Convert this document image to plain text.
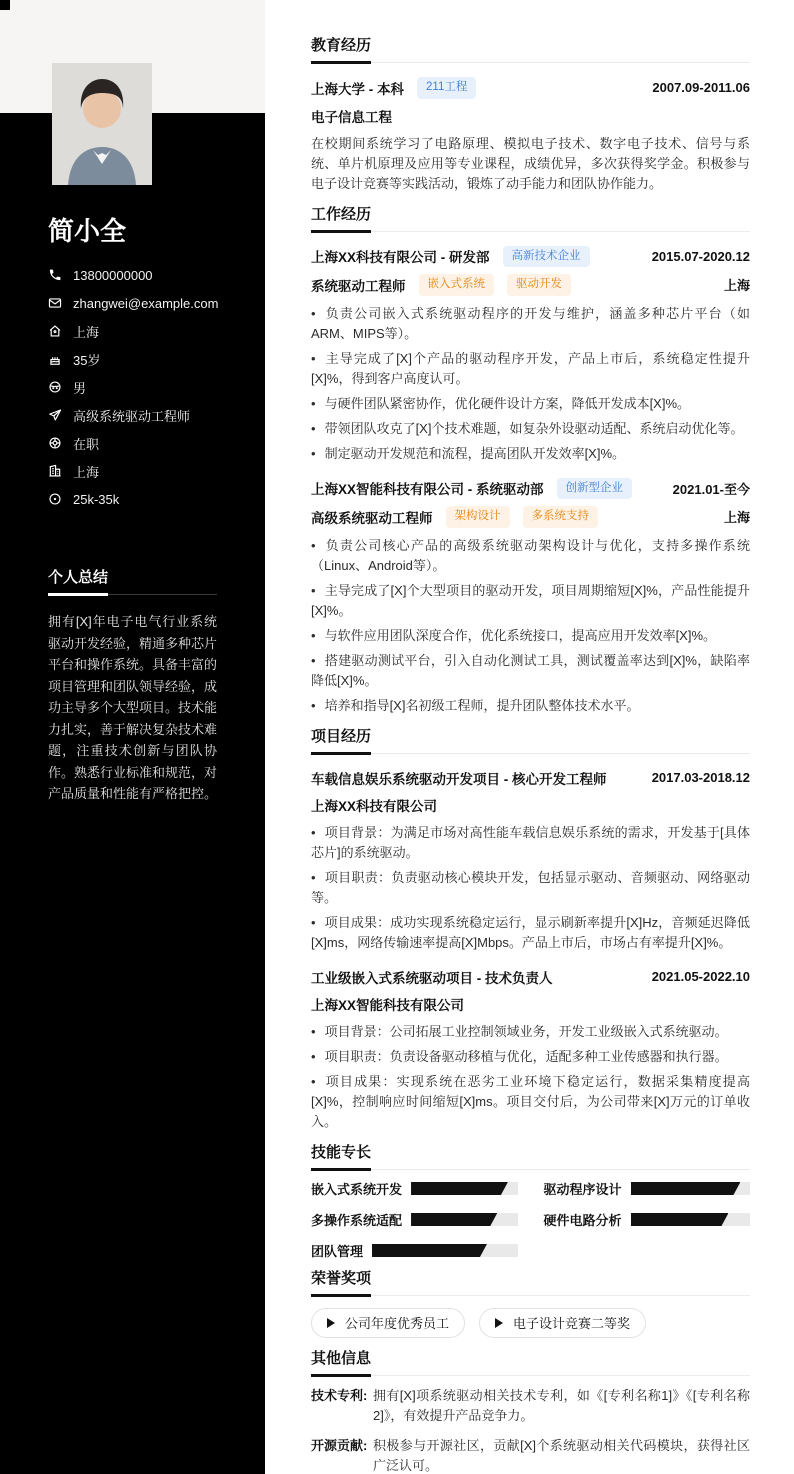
简小全
13800000000
zhangwei@example.com
上海
35岁
男
高级系统驱动工程师
在职
上海
25k-35k
个人总结
拥有[X]年电子电气行业系统驱动开发经验，精通多种芯片平台和操作系统。具备丰富的项目管理和团队领导经验，成功主导多个大型项目。技术能力扎实，善于解决复杂技术难题，注重技术创新与团队协作。熟悉行业标准和规范，对产品质量和性能有严格把控。
教育经历
上海大学 - 本科	211工程	2007.09-2011.06
电子信息工程
在校期间系统学习了电路原理、模拟电子技术、数字电子技术、信号与系统、单片机原理及应用等专业课程，成绩优异，多次获得奖学金。积极参与电子设计竞赛等实践活动，锻炼了动手能力和团队协作能力。
工作经历
上海XX科技有限公司 - 研发部	高新技术企业	2015.07-2020.12
系统驱动工程师	嵌入式系统	驱动开发	上海
• 负责公司嵌入式系统驱动程序的开发与维护，涵盖多种芯片平台（如ARM、MIPS等）。
• 主导完成了[X]个产品的驱动程序开发，产品上市后，系统稳定性提升[X]%，得到客户高度认可。
• 与硬件团队紧密协作，优化硬件设计方案，降低开发成本[X]%。
• 带领团队攻克了[X]个技术难题，如复杂外设驱动适配、系统启动优化等。
• 制定驱动开发规范和流程，提高团队开发效率[X]%。
上海XX智能科技有限公司 - 系统驱动部	创新型企业	2021.01-至今
高级系统驱动工程师	架构设计	多系统支持	上海
• 负责公司核心产品的高级系统驱动架构设计与优化，支持多操作系统（Linux、Android等）。
• 主导完成了[X]个大型项目的驱动开发，项目周期缩短[X]%，产品性能提升[X]%。
• 与软件应用团队深度合作，优化系统接口，提高应用开发效率[X]%。
• 搭建驱动测试平台，引入自动化测试工具，测试覆盖率达到[X]%，缺陷率降低[X]%。
• 培养和指导[X]名初级工程师，提升团队整体技术水平。
项目经历
车载信息娱乐系统驱动开发项目 - 核心开发工程师	2017.03-2018.12
上海XX科技有限公司
• 项目背景：为满足市场对高性能车载信息娱乐系统的需求，开发基于[具体芯片]的系统驱动。
• 项目职责：负责驱动核心模块开发，包括显示驱动、音频驱动、网络驱动等。
• 项目成果：成功实现系统稳定运行，显示刷新率提升[X]Hz，音频延迟降低[X]ms，网络传输速率提高[X]Mbps。产品上市后，市场占有率提升[X]%。
工业级嵌入式系统驱动项目 - 技术负责人	2021.05-2022.10
上海XX智能科技有限公司
• 项目背景：公司拓展工业控制领域业务，开发工业级嵌入式系统驱动。
• 项目职责：负责设备驱动移植与优化，适配多种工业传感器和执行器。
• 项目成果：实现系统在恶劣工业环境下稳定运行，数据采集精度提高[X]%，控制响应时间缩短[X]ms。项目交付后，为公司带来[X]万元的订单收入。
技能专长
嵌入式系统开发	驱动程序设计
多操作系统适配	硬件电路分析
团队管理
荣誉奖项
公司年度优秀员工	电子设计竞赛二等奖
其他信息
技术专利: 拥有[X]项系统驱动相关技术专利，如《[专利名称1]》《[专利名称2]》，有效提升产品竞争力。
开源贡献: 积极参与开源社区，贡献[X]个系统驱动相关代码模块，获得社区广泛认可。
